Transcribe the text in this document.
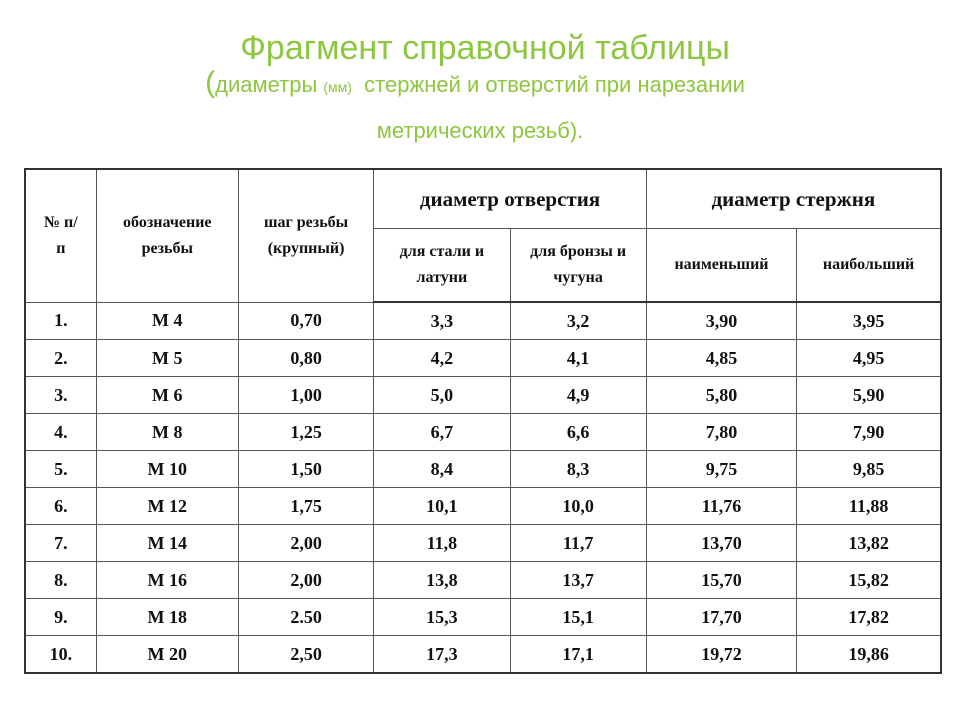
Фрагмент справочной таблицы
(диаметры (мм)  стержней и отверстий при нарезании
метрических резьб).
№ п/п	обозначение резьбы	шаг резьбы (крупный)	диаметр отверстия		диаметр стержня	
			для стали и латуни	для бронзы и чугуна	наименьший	наибольший
1.	М 4	0,70	3,3	3,2	3,90	3,95
2.	М 5	0,80	4,2	4,1	4,85	4,95
3.	М 6	1,00	5,0	4,9	5,80	5,90
4.	М 8	1,25	6,7	6,6	7,80	7,90
5.	М 10	1,50	8,4	8,3	9,75	9,85
6.	М 12	1,75	10,1	10,0	11,76	11,88
7.	М 14	2,00	11,8	11,7	13,70	13,82
8.	М 16	2,00	13,8	13,7	15,70	15,82
9.	М 18	2.50	15,3	15,1	17,70	17,82
10.	М 20	2,50	17,3	17,1	19,72	19,86
